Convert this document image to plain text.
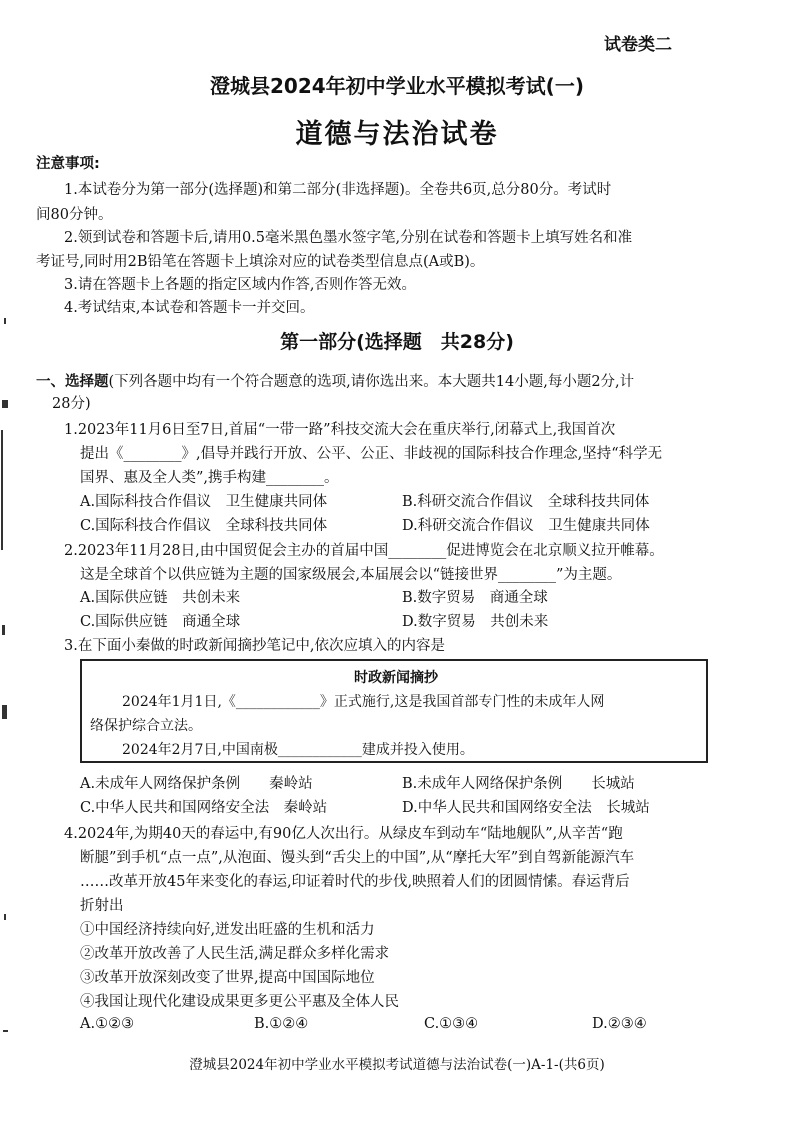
试卷类二
澄城县2024年初中学业水平模拟考试(一)
道德与法治试卷
注意事项:
1.本试卷分为第一部分(选择题)和第二部分(非选择题)。全卷共6页,总分80分。考试时
间80分钟。
2.领到试卷和答题卡后,请用0.5毫米黑色墨水签字笔,分别在试卷和答题卡上填写姓名和准
考证号,同时用2B铅笔在答题卡上填涂对应的试卷类型信息点(A或B)。
3.请在答题卡上各题的指定区域内作答,否则作答无效。
4.考试结束,本试卷和答题卡一并交回。
第一部分(选择题　共28分)
一、选择题(下列各题中均有一个符合题意的选项,请你选出来。本大题共14小题,每小题2分,计
28分)
1.2023年11月6日至7日,首届“一带一路”科技交流大会在重庆举行,闭幕式上,我国首次
提出《________》,倡导并践行开放、公平、公正、非歧视的国际科技合作理念,坚持“科学无
国界、惠及全人类”,携手构建________。
A.国际科技合作倡议　卫生健康共同体	B.科研交流合作倡议　全球科技共同体
C.国际科技合作倡议　全球科技共同体	D.科研交流合作倡议　卫生健康共同体
2.2023年11月28日,由中国贸促会主办的首届中国________促进博览会在北京顺义拉开帷幕。
这是全球首个以供应链为主题的国家级展会,本届展会以“链接世界________”为主题。
A.国际供应链　共创未来	B.数字贸易　商通全球
C.国际供应链　商通全球	D.数字贸易　共创未来
3.在下面小秦做的时政新闻摘抄笔记中,依次应填入的内容是
时政新闻摘抄
2024年1月1日,《____________》正式施行,这是我国首部专门性的未成年人网
络保护综合立法。
2024年2月7日,中国南极____________建成并投入使用。
A.未成年人网络保护条例　　秦岭站	B.未成年人网络保护条例　　长城站
C.中华人民共和国网络安全法　秦岭站	D.中华人民共和国网络安全法　长城站
4.2024年,为期40天的春运中,有90亿人次出行。从绿皮车到动车“陆地舰队”,从辛苦“跑
断腿”到手机“点一点”,从泡面、馒头到“舌尖上的中国”,从“摩托大军”到自驾新能源汽车
……改革开放45年来变化的春运,印证着时代的步伐,映照着人们的团圆情愫。春运背后
折射出
①中国经济持续向好,迸发出旺盛的生机和活力
②改革开放改善了人民生活,满足群众多样化需求
③改革开放深刻改变了世界,提高中国国际地位
④我国让现代化建设成果更多更公平惠及全体人民
A.①②③	B.①②④	C.①③④	D.②③④
澄城县2024年初中学业水平模拟考试道德与法治试卷(一)A-1-(共6页)
